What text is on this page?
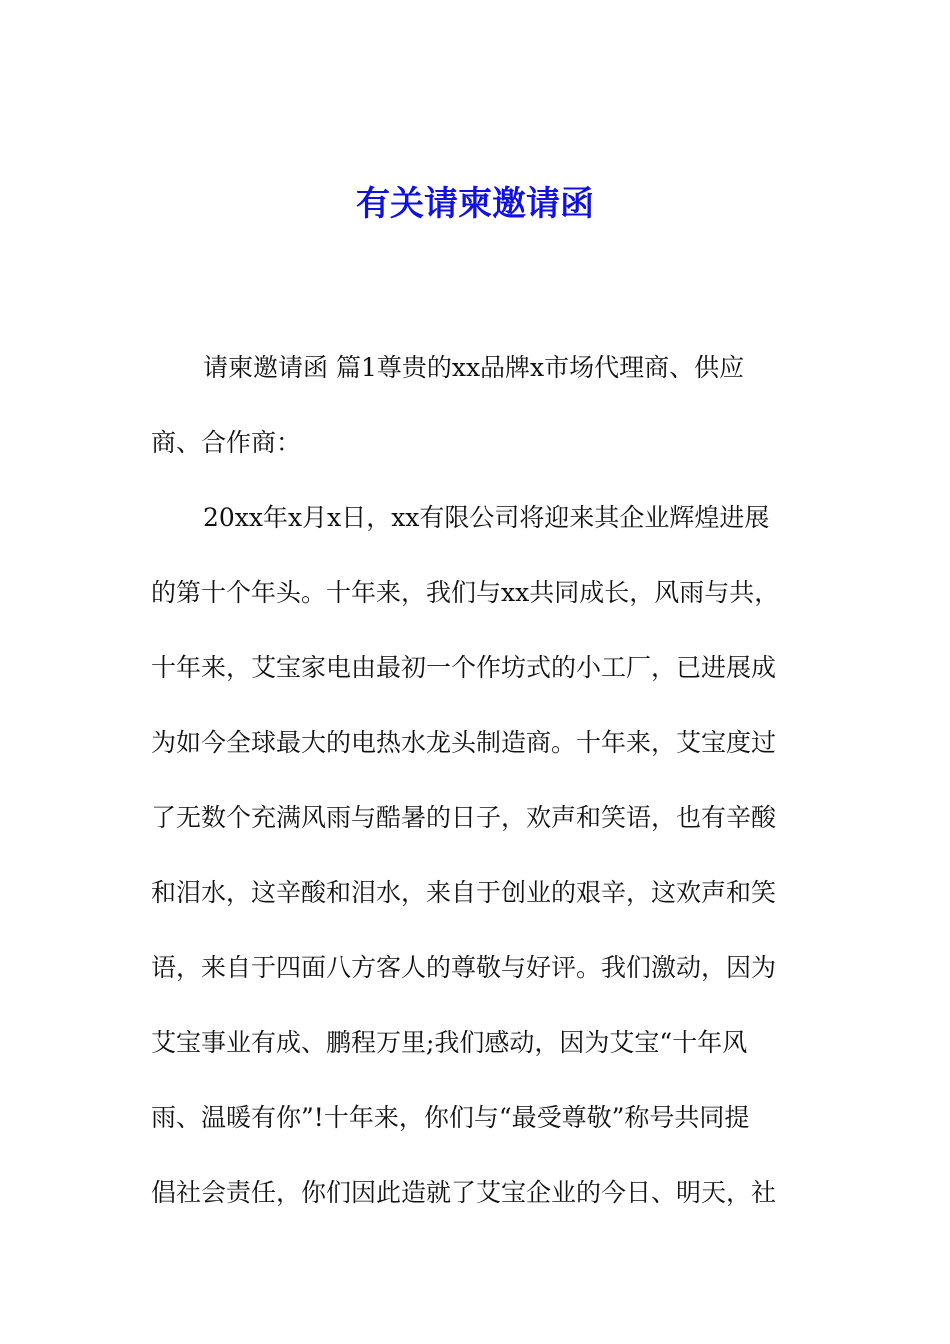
有关请柬邀请函
请柬邀请函 篇1尊贵的xx品牌x市场代理商、供应
商、合作商：
20xx年x月x日，xx有限公司将迎来其企业辉煌进展
的第十个年头。十年来，我们与xx共同成长，风雨与共，
十年来，艾宝家电由最初一个作坊式的小工厂，已进展成
为如今全球最大的电热水龙头制造商。十年来，艾宝度过
了无数个充满风雨与酷暑的日子，欢声和笑语，也有辛酸
和泪水，这辛酸和泪水，来自于创业的艰辛，这欢声和笑
语，来自于四面八方客人的尊敬与好评。我们激动，因为
艾宝事业有成、鹏程万里;我们感动，因为艾宝“十年风
雨、温暖有你”!十年来，你们与“最受尊敬”称号共同提
倡社会责任，你们因此造就了艾宝企业的今日、明天，社
